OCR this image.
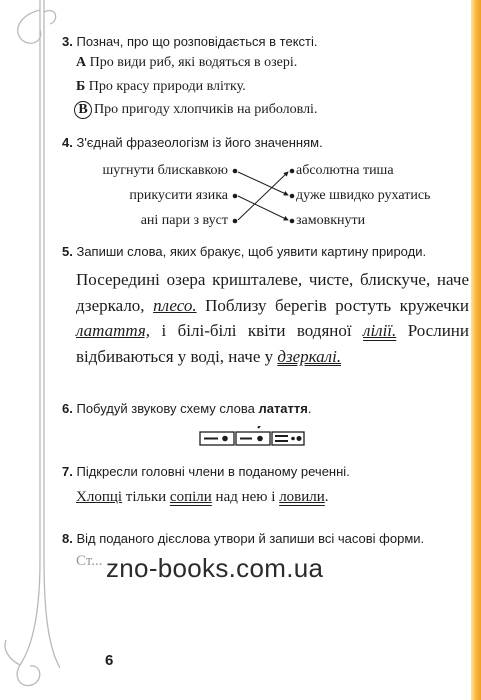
3. Познач, про що розповідається в тексті.
А Про види риб, які водяться в озері.
Б Про красу природи влітку.
В Про пригоду хлопчиків на риболовлі.
4. З'єднай фразеологізм із його значенням.
шугнути блискавкою
прикусити язика
ані пари з вуст
абсолютна тиша
дуже швидко рухатись
замовкнути
5. Запиши слова, яких бракує, щоб уявити картину природи.
Посередині озера кришталеве, чисте, блискуче, наче дзеркало, плесо. Поблизу берегів ростуть кружечки латаття, і білі-білі квіти водяної лілії. Рослини відбиваються у воді, наче у дзеркалі.
6. Побудуй звукову схему слова латаття.
7. Підкресли головні члени в поданому реченні.
Хлопці тільки сопіли над нею і ловили.
8. Від поданого дієслова утвори й запиши всі часові форми.
Ст... zno-books.com.ua
6
